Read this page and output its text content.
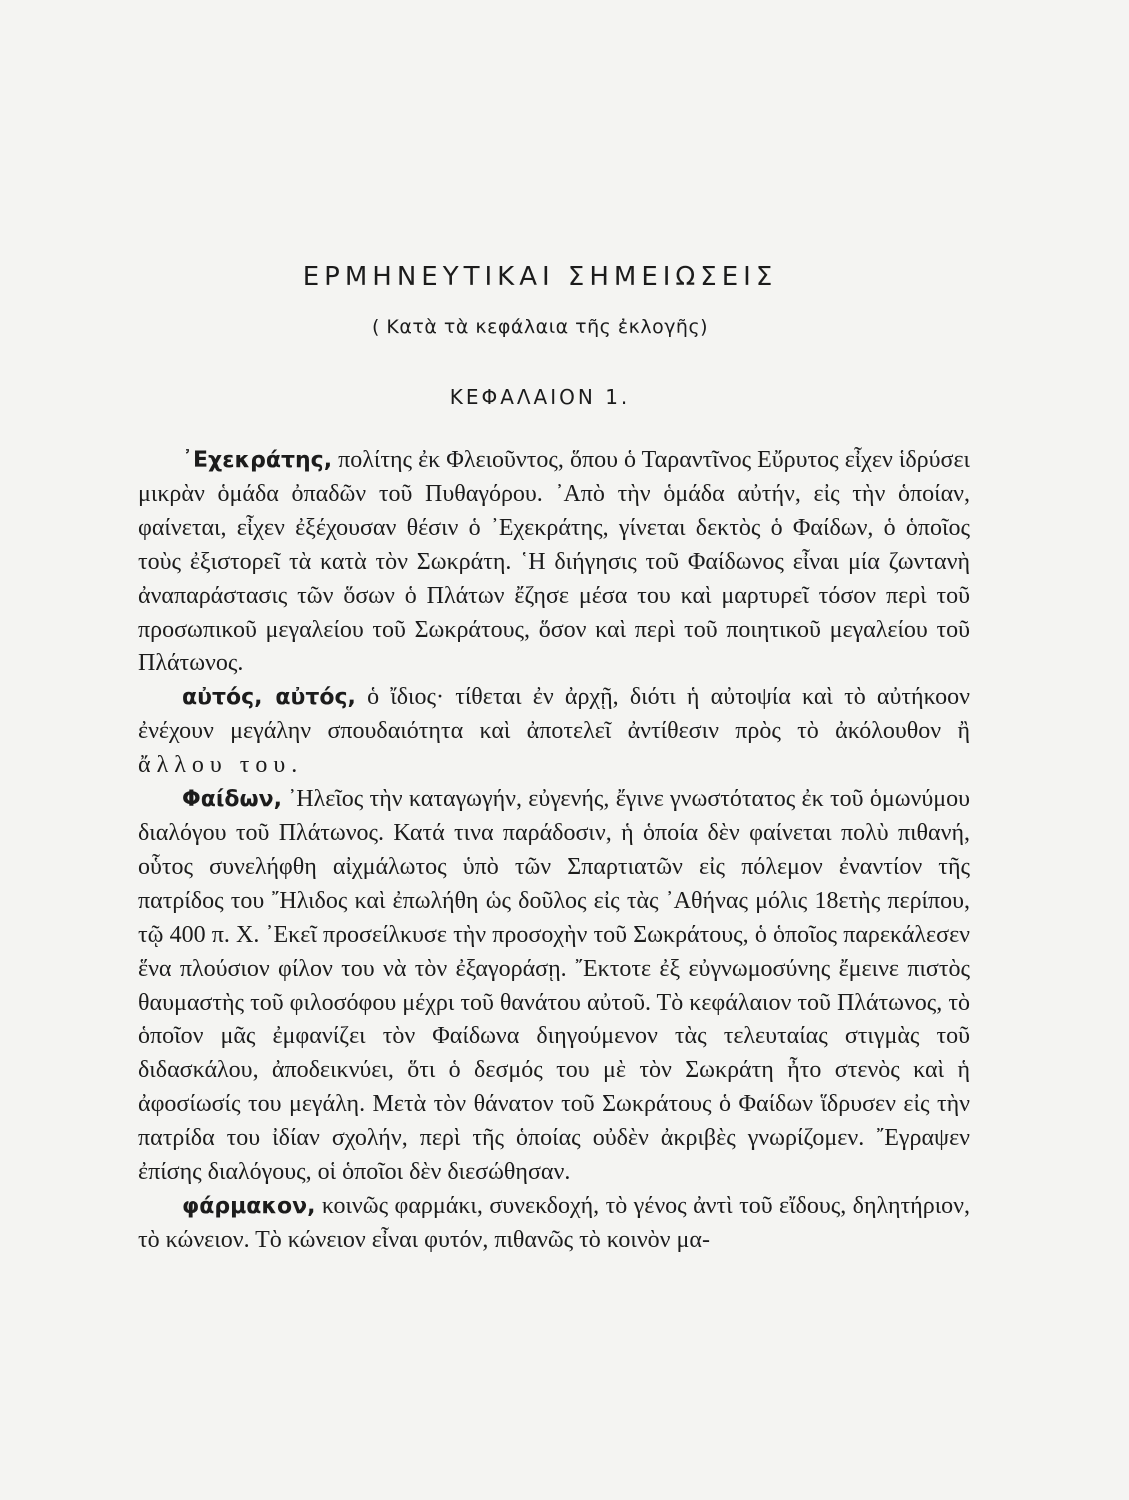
ΕΡΜΗΝΕΥΤΙΚΑΙ ΣΗΜΕΙΩΣΕΙΣ
( Κατὰ τὰ κεφάλαια τῆς ἐκλογῆς)
ΚΕΦΑΛΑΙΟΝ 1.

᾿Εχεκράτης, πολίτης ἐκ Φλειοῦντος, ὅπου ὁ Ταραντῖνος Εὔρυτος εἶχεν ἱδρύσει μικρὰν ὁμάδα ὀπαδῶν τοῦ Πυθαγόρου. ᾿Απὸ τὴν ὁμάδα αὐτήν, εἰς τὴν ὁποίαν, φαίνεται, εἶχεν ἐξέχουσαν θέσιν ὁ ᾿Εχεκράτης, γίνεται δεκτὸς ὁ Φαίδων, ὁ ὁποῖος τοὺς ἐξιστορεῖ τὰ κατὰ τὸν Σωκράτη. ῾Η διήγησις τοῦ Φαίδωνος εἶναι μία ζωντανὴ ἀναπαράστασις τῶν ὅσων ὁ Πλάτων ἔζησε μέσα του καὶ μαρτυρεῖ τόσον περὶ τοῦ προσωπικοῦ μεγαλείου τοῦ Σωκράτους, ὅσον καὶ περὶ τοῦ ποιητικοῦ μεγαλείου τοῦ Πλάτωνος.

αὐτός, αὐτός, ὁ ἴδιος· τίθεται ἐν ἀρχῇ, διότι ἡ αὐτοψία καὶ τὸ αὐτήκοον ἐνέχουν μεγάλην σπουδαιότητα καὶ ἀποτελεῖ ἀντίθεσιν πρὸς τὸ ἀκόλουθον ἢ ἄλλου του.

Φαίδων, ᾿Ηλεῖος τὴν καταγωγήν, εὐγενής, ἔγινε γνωστότατος ἐκ τοῦ ὁμωνύμου διαλόγου τοῦ Πλάτωνος. Κατά τινα παράδοσιν, ἡ ὁποία δὲν φαίνεται πολὺ πιθανή, οὗτος συνελήφθη αἰχμάλωτος ὑπὸ τῶν Σπαρτιατῶν εἰς πόλεμον ἐναντίον τῆς πατρίδος του ῎Ηλιδος καὶ ἐπωλήθη ὡς δοῦλος εἰς τὰς ᾿Αθήνας μόλις 18ετὴς περίπου, τῷ 400 π. Χ. ᾿Εκεῖ προσείλκυσε τὴν προσοχὴν τοῦ Σωκράτους, ὁ ὁποῖος παρεκάλεσεν ἕνα πλούσιον φίλον του νὰ τὸν ἐξαγοράσῃ. ῎Εκτοτε ἐξ εὐγνωμοσύνης ἔμεινε πιστὸς θαυμαστὴς τοῦ φιλοσόφου μέχρι τοῦ θανάτου αὐτοῦ. Τὸ κεφάλαιον τοῦ Πλάτωνος, τὸ ὁποῖον μᾶς ἐμφανίζει τὸν Φαίδωνα διηγούμενον τὰς τελευταίας στιγμὰς τοῦ διδασκάλου, ἀποδεικνύει, ὅτι ὁ δεσμός του μὲ τὸν Σωκράτη ἦτο στενὸς καὶ ἡ ἀφοσίωσίς του μεγάλη. Μετὰ τὸν θάνατον τοῦ Σωκράτους ὁ Φαίδων ἵδρυσεν εἰς τὴν πατρίδα του ἰδίαν σχολήν, περὶ τῆς ὁποίας οὐδὲν ἀκριβὲς γνωρίζομεν. ῎Εγραψεν ἐπίσης διαλόγους, οἱ ὁποῖοι δὲν διεσώθησαν.

φάρμακον, κοινῶς φαρμάκι, συνεκδοχή, τὸ γένος ἀντὶ τοῦ εἴδους, δηλητήριον, τὸ κώνειον. Τὸ κώνειον εἶναι φυτόν, πιθανῶς τὸ κοινὸν μα-
